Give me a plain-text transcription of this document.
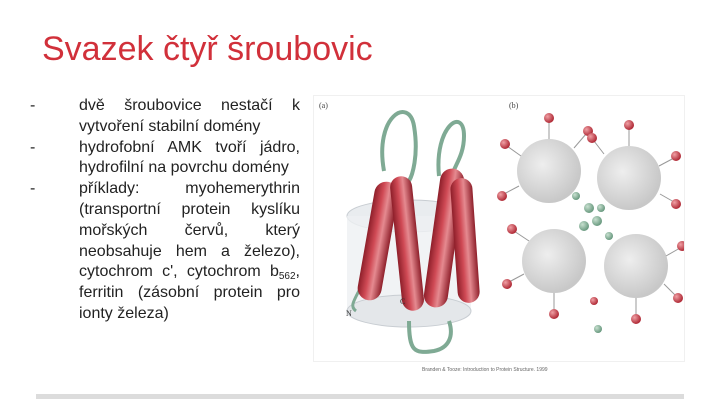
Svazek čtyř šroubovic
-	dvě šroubovice nestačí k vytvoření stabilní domény
-	hydrofobní AMK tvoří jádro, hydrofilní na povrchu domény
-	příklady: myohemerythrin (transportní protein kyslíku mořských červů, který neobsahuje hem a železo), cytochrom c', cytochrom $b_{562}$, ferritin (zásobní protein pro ionty železa)
(a)
N
C
(b)
Branden & Tooze: Introduction to Protein Structure. 1999
